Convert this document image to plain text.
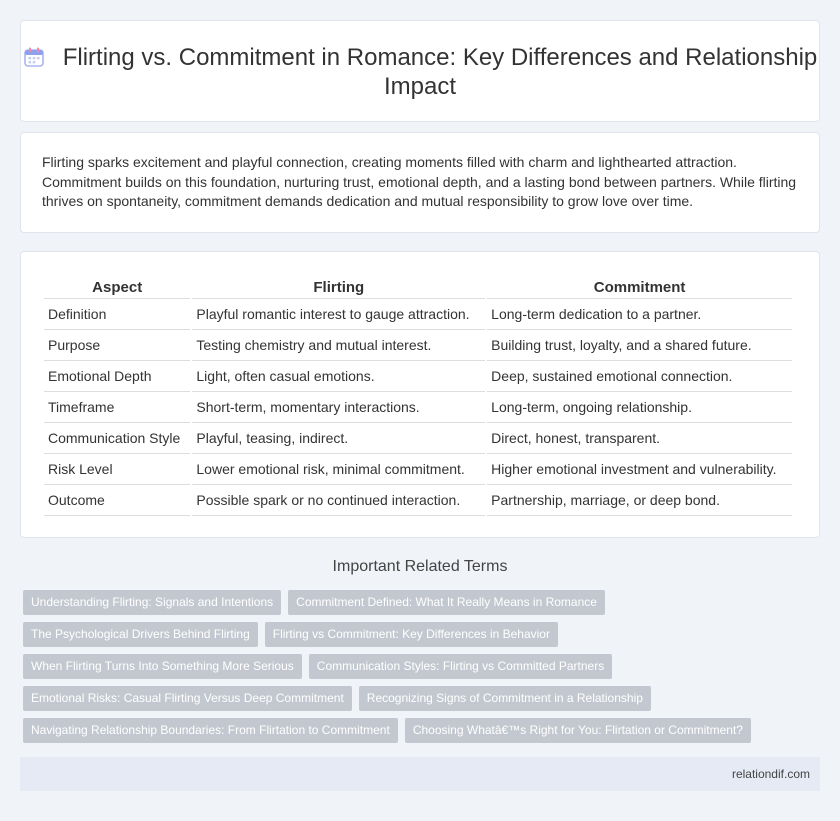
Flirting vs. Commitment in Romance: Key Differences and Relationship Impact
Flirting sparks excitement and playful connection, creating moments filled with charm and lighthearted attraction. Commitment builds on this foundation, nurturing trust, emotional depth, and a lasting bond between partners. While flirting thrives on spontaneity, commitment demands dedication and mutual responsibility to grow love over time.
Aspect	Flirting	Commitment
Definition	Playful romantic interest to gauge attraction.	Long-term dedication to a partner.
Purpose	Testing chemistry and mutual interest.	Building trust, loyalty, and a shared future.
Emotional Depth	Light, often casual emotions.	Deep, sustained emotional connection.
Timeframe	Short-term, momentary interactions.	Long-term, ongoing relationship.
Communication Style	Playful, teasing, indirect.	Direct, honest, transparent.
Risk Level	Lower emotional risk, minimal commitment.	Higher emotional investment and vulnerability.
Outcome	Possible spark or no continued interaction.	Partnership, marriage, or deep bond.
Important Related Terms
Understanding Flirting: Signals and Intentions	Commitment Defined: What It Really Means in Romance
The Psychological Drivers Behind Flirting	Flirting vs Commitment: Key Differences in Behavior
When Flirting Turns Into Something More Serious	Communication Styles: Flirting vs Committed Partners
Emotional Risks: Casual Flirting Versus Deep Commitment	Recognizing Signs of Commitment in a Relationship
Navigating Relationship Boundaries: From Flirtation to Commitment	Choosing Whatâ€™s Right for You: Flirtation or Commitment?
relationdif.com
